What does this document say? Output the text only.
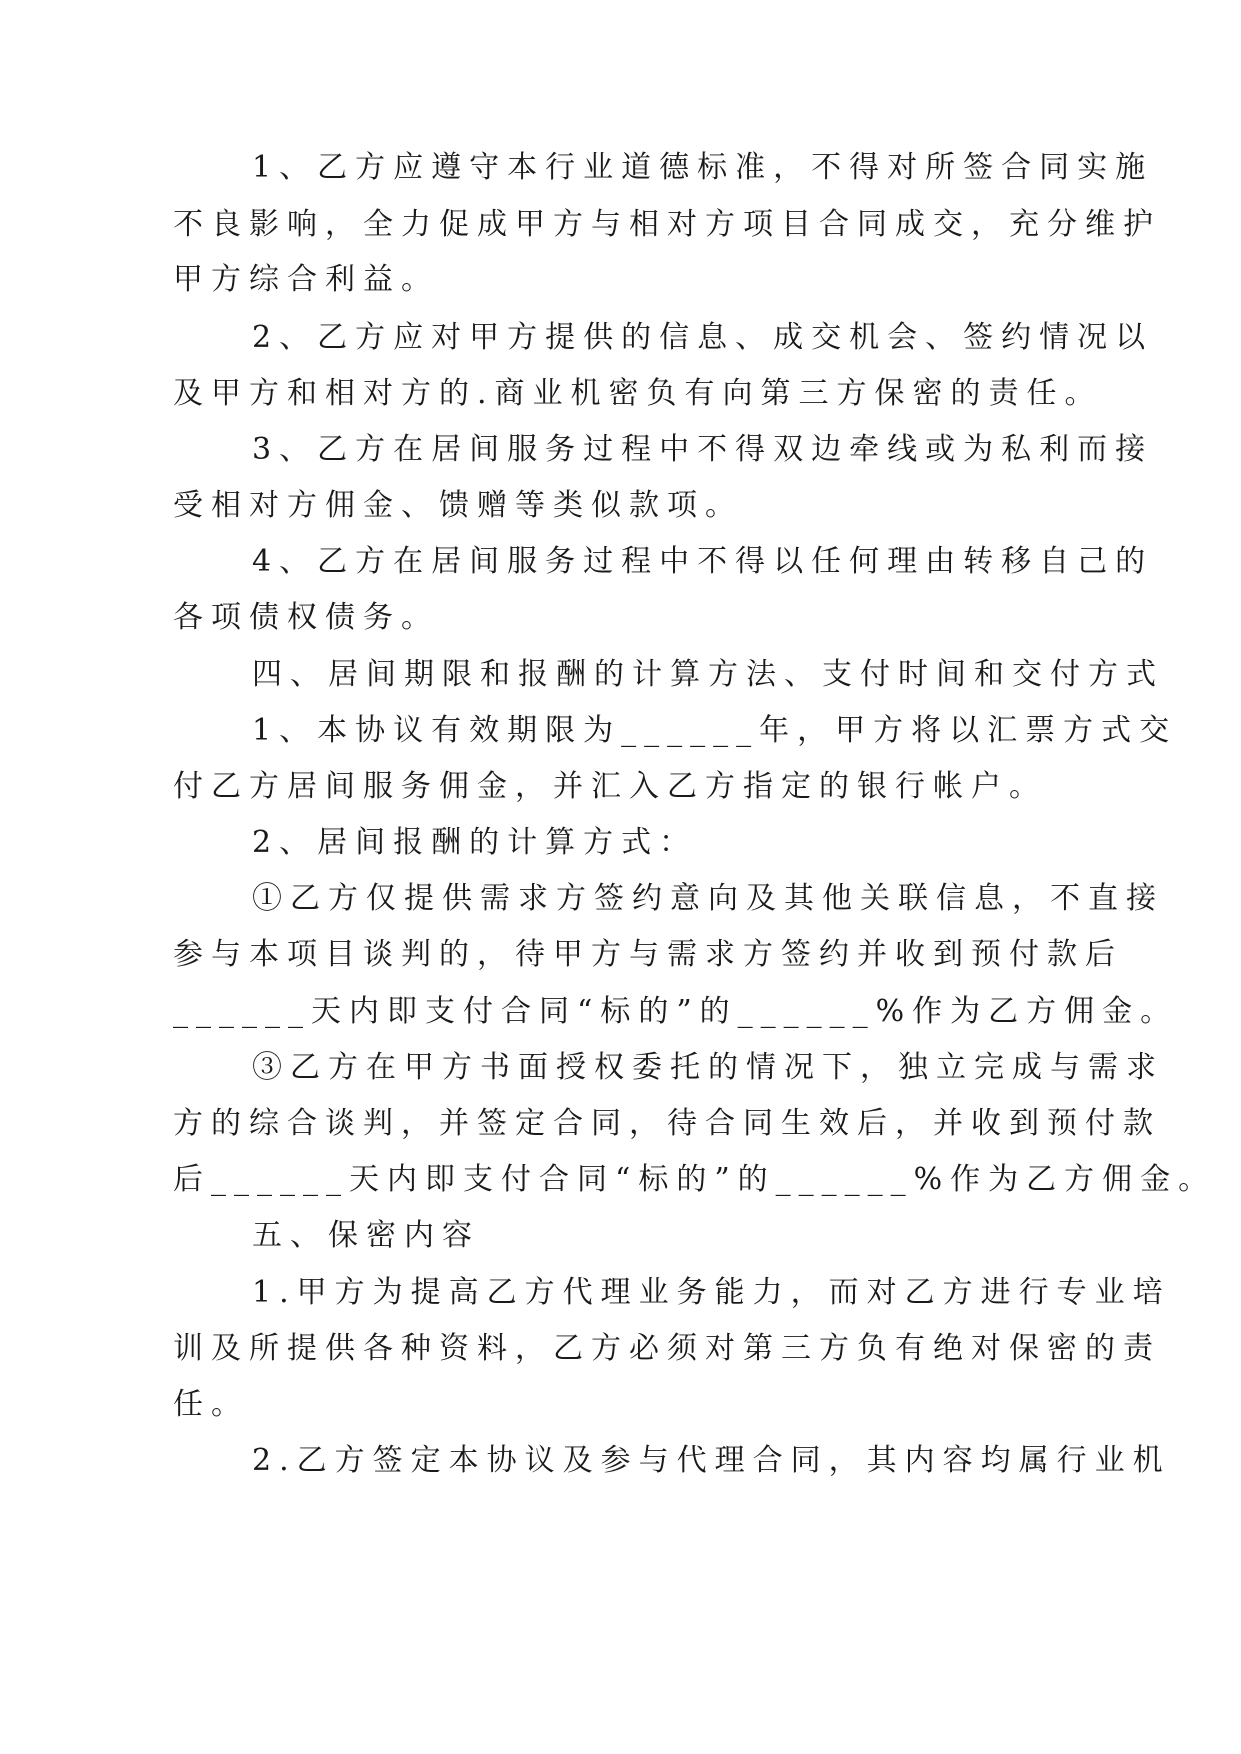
1、乙方应遵守本行业道德标准，不得对所签合同实施
不良影响，全力促成甲方与相对方项目合同成交，充分维护
甲方综合利益。
2、乙方应对甲方提供的信息、成交机会、签约情况以
及甲方和相对方的.商业机密负有向第三方保密的责任。
3、乙方在居间服务过程中不得双边牵线或为私利而接
受相对方佣金、馈赠等类似款项。
4、乙方在居间服务过程中不得以任何理由转移自己的
各项债权债务。
四、居间期限和报酬的计算方法、支付时间和交付方式
1、本协议有效期限为______年，甲方将以汇票方式交
付乙方居间服务佣金，并汇入乙方指定的银行帐户。
2、居间报酬的计算方式：
①乙方仅提供需求方签约意向及其他关联信息，不直接
参与本项目谈判的，待甲方与需求方签约并收到预付款后
______天内即支付合同“标的”的______%作为乙方佣金。
③乙方在甲方书面授权委托的情况下，独立完成与需求
方的综合谈判，并签定合同，待合同生效后，并收到预付款
后______天内即支付合同“标的”的______%作为乙方佣金。
五、保密内容
1.甲方为提高乙方代理业务能力，而对乙方进行专业培
训及所提供各种资料，乙方必须对第三方负有绝对保密的责
任。
2.乙方签定本协议及参与代理合同，其内容均属行业机
